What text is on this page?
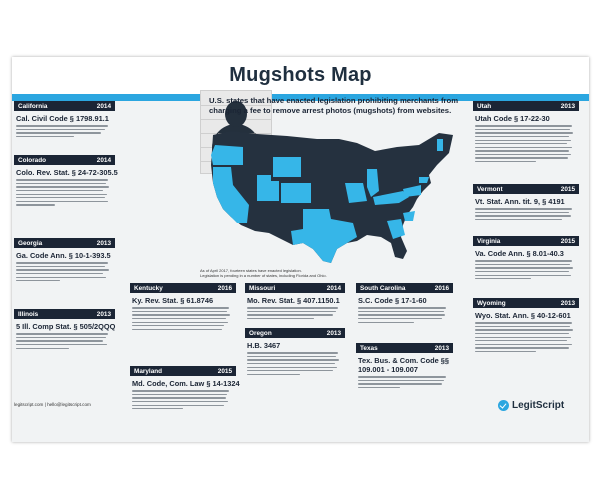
Mugshots Map
California	2014
Cal. Civil Code § 1798.91.1
Colorado	2014
Colo. Rev. Stat. § 24-72-305.5
Georgia	2013
Ga. Code Ann. § 10-1-393.5
Illinois	2013
5 Ill. Comp Stat. § 505/2QQQ
Kentucky	2016
Ky. Rev. Stat. § 61.8746
Maryland	2015
Md. Code, Com. Law § 14-1324
Missouri	2014
Mo. Rev. Stat. § 407.1150.1
Oregon	2013
H.B. 3467
South Carolina	2016
S.C. Code § 17-1-60
Texas	2013
Tex. Bus. & Com. Code §§ 109.001 - 109.007
Utah	2013
Utah Code § 17-22-30
Vermont	2015
Vt. Stat. Ann. tit. 9, § 4191
Virginia	2015
Va. Code Ann. § 8.01-40.3
Wyoming	2013
Wyo. Stat. Ann. § 40-12-601
U.S. states that have enacted legislation prohibiting merchants from charging a fee to remove arrest photos (mugshots) from websites.
As of April 2017, fourteen states have enacted legislation.
Legislation is pending in a number of states, including Florida and Ohio.
legitscript.com | hello@legitscript.com	LegitScript
